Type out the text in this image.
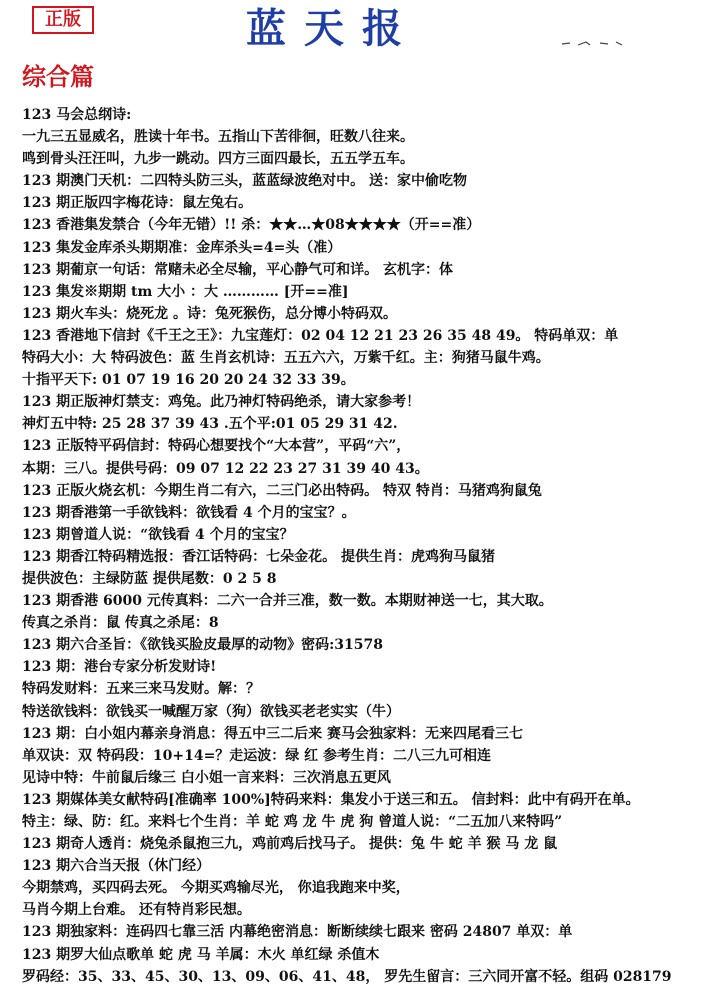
正版	蓝天报
综合篇
123 马会总纲诗:
一九三五显威名，胜读十年书。五指山下苦徘徊，旺数八往来。
鸣到骨头汪汪叫，九步一跳动。四方三面四最长，五五学五车。
123 期澳门天机：二四特头防三头，蓝蓝绿波绝对中。 送：家中偷吃物
123 期正版四字梅花诗：鼠左兔右。
123 香港集发禁合（今年无错）!! 杀：★★…★08★★★★（开==准）
123 集发金库杀头期期准：金库杀头=4=头（准）
123 期葡京一句话：常赌未必全尽输，平心静气可和详。 玄机字：体
123 集发※期期 tm 大小 ：大 ………… [开==准]
123 期火车头：烧死龙 。诗：兔死猴伤，总分博小特码双。
123 香港地下信封《千王之王》：九宝莲灯：02 04 12 21 23 26 35 48 49。 特码单双：单
特码大小：大 特码波色：蓝 生肖玄机诗：五五六六，万紫千红。主：狗猪马鼠牛鸡。
十指平天下: 01 07 19 16 20 20 24 32 33 39。
123 期正版神灯禁支：鸡兔。此乃神灯特码绝杀，请大家参考！
神灯五中特: 25 28 37 39 43 .五个平:01 05 29 31 42.
123 正版特平码信封：特码心想要找个“大本营”，平码“六”，
本期：三八。提供号码：09 07 12 22 23 27 31 39 40 43。
123 正版火烧玄机：今期生肖二有六，二三门必出特码。 特双 特肖：马猪鸡狗鼠兔
123 期香港第一手欲钱料：欲钱看 4 个月的宝宝？。
123 期曾道人说：“欲钱看 4 个月的宝宝？
123 期香江特码精选报：香江话特码：七朵金花。 提供生肖：虎鸡狗马鼠猪
提供波色：主绿防蓝 提供尾数：0 2 5 8
123 期香港 6000 元传真料：二六一合并三准，数一数。本期财神送一七，其大取。
传真之杀肖：鼠 传真之杀尾：8
123 期六合圣旨：《欲钱买脸皮最厚的动物》密码:31578
123 期：港台专家分析发财诗!
特码发财料：五来三来马发财。解：？
特送欲钱料：欲钱买一喊醒万家（狗）欲钱买老老实实（牛）
123 期：白小姐内幕亲身消息：得五中三二后来 赛马会独家料：无来四尾看三七
单双诀：双 特码段：10+14=？走运波：绿 红 参考生肖：二八三九可相连
见诗中特：牛前鼠后缘三 白小姐一言来料：三次消息五更风
123 期媒体美女献特码[准确率 100%]特码来料：集发小于送三和五。 信封料：此中有码开在单。
特主：绿、防：红。来料七个生肖：羊 蛇 鸡 龙 牛 虎 狗 曾道人说：“二五加八来特吗”
123 期奇人透肖：烧兔杀鼠抱三九，鸡前鸡后找马子。 提供：兔 牛 蛇 羊 猴 马 龙 鼠
123 期六合当天报（休门经）
今期禁鸡，买四码去死。 今期买鸡输尽光， 你追我跑来中奖，
马肖今期上台难。 还有特肖彩民想。
123 期独家料：连码四七靠三活 内幕绝密消息：断断续续七跟来 密码 24807 单双：单
123 期罗大仙点歌单 蛇 虎 马 羊属：木火 单红绿 杀值木
罗码经：35、33、45、30、13、09、06、41、48， 罗先生留言：三六同开富不轻。组码 028179
